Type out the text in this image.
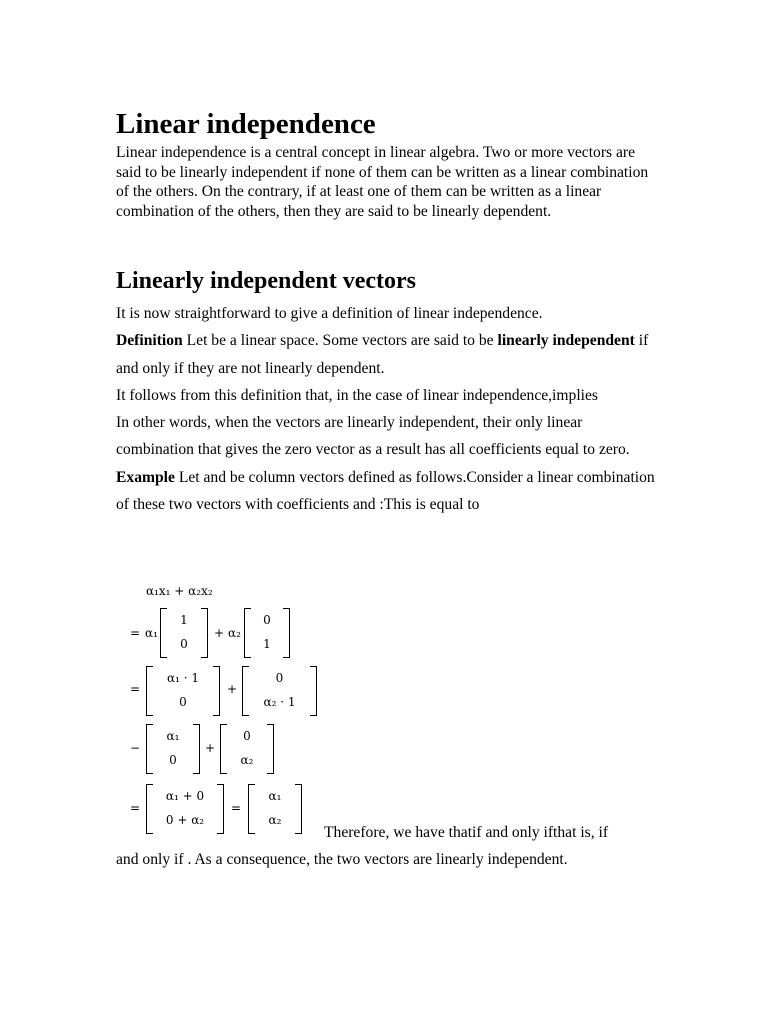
Linear independence

Linear independence is a central concept in linear algebra. Two or more vectors are said to be linearly independent if none of them can be written as a linear combination of the others. On the contrary, if at least one of them can be written as a linear combination of the others, then they are said to be linearly dependent.

Linearly independent vectors

It is now straightforward to give a definition of linear independence.

Definition Let be a linear space. Some vectors are said to be linearly independent if and only if they are not linearly dependent.

It follows from this definition that, in the case of linear independence,implies

In other words, when the vectors are linearly independent, their only linear combination that gives the zero vector as a result has all coefficients equal to zero.

Example Let and be column vectors defined as follows.Consider a linear combination of these two vectors with coefficients and :This is equal to

α₁x₁ + α₂x₂
= α₁
1
0
+ α₂
0
1
=
α₁ · 1
0
+
0
α₂ · 1
−
α₁
0
+
0
α₂
=
α₁ + 0
0 + α₂
=
α₁
α₂
Therefore, we have thatif and only ifthat is, if
and only if . As a consequence, the two vectors are linearly independent.
